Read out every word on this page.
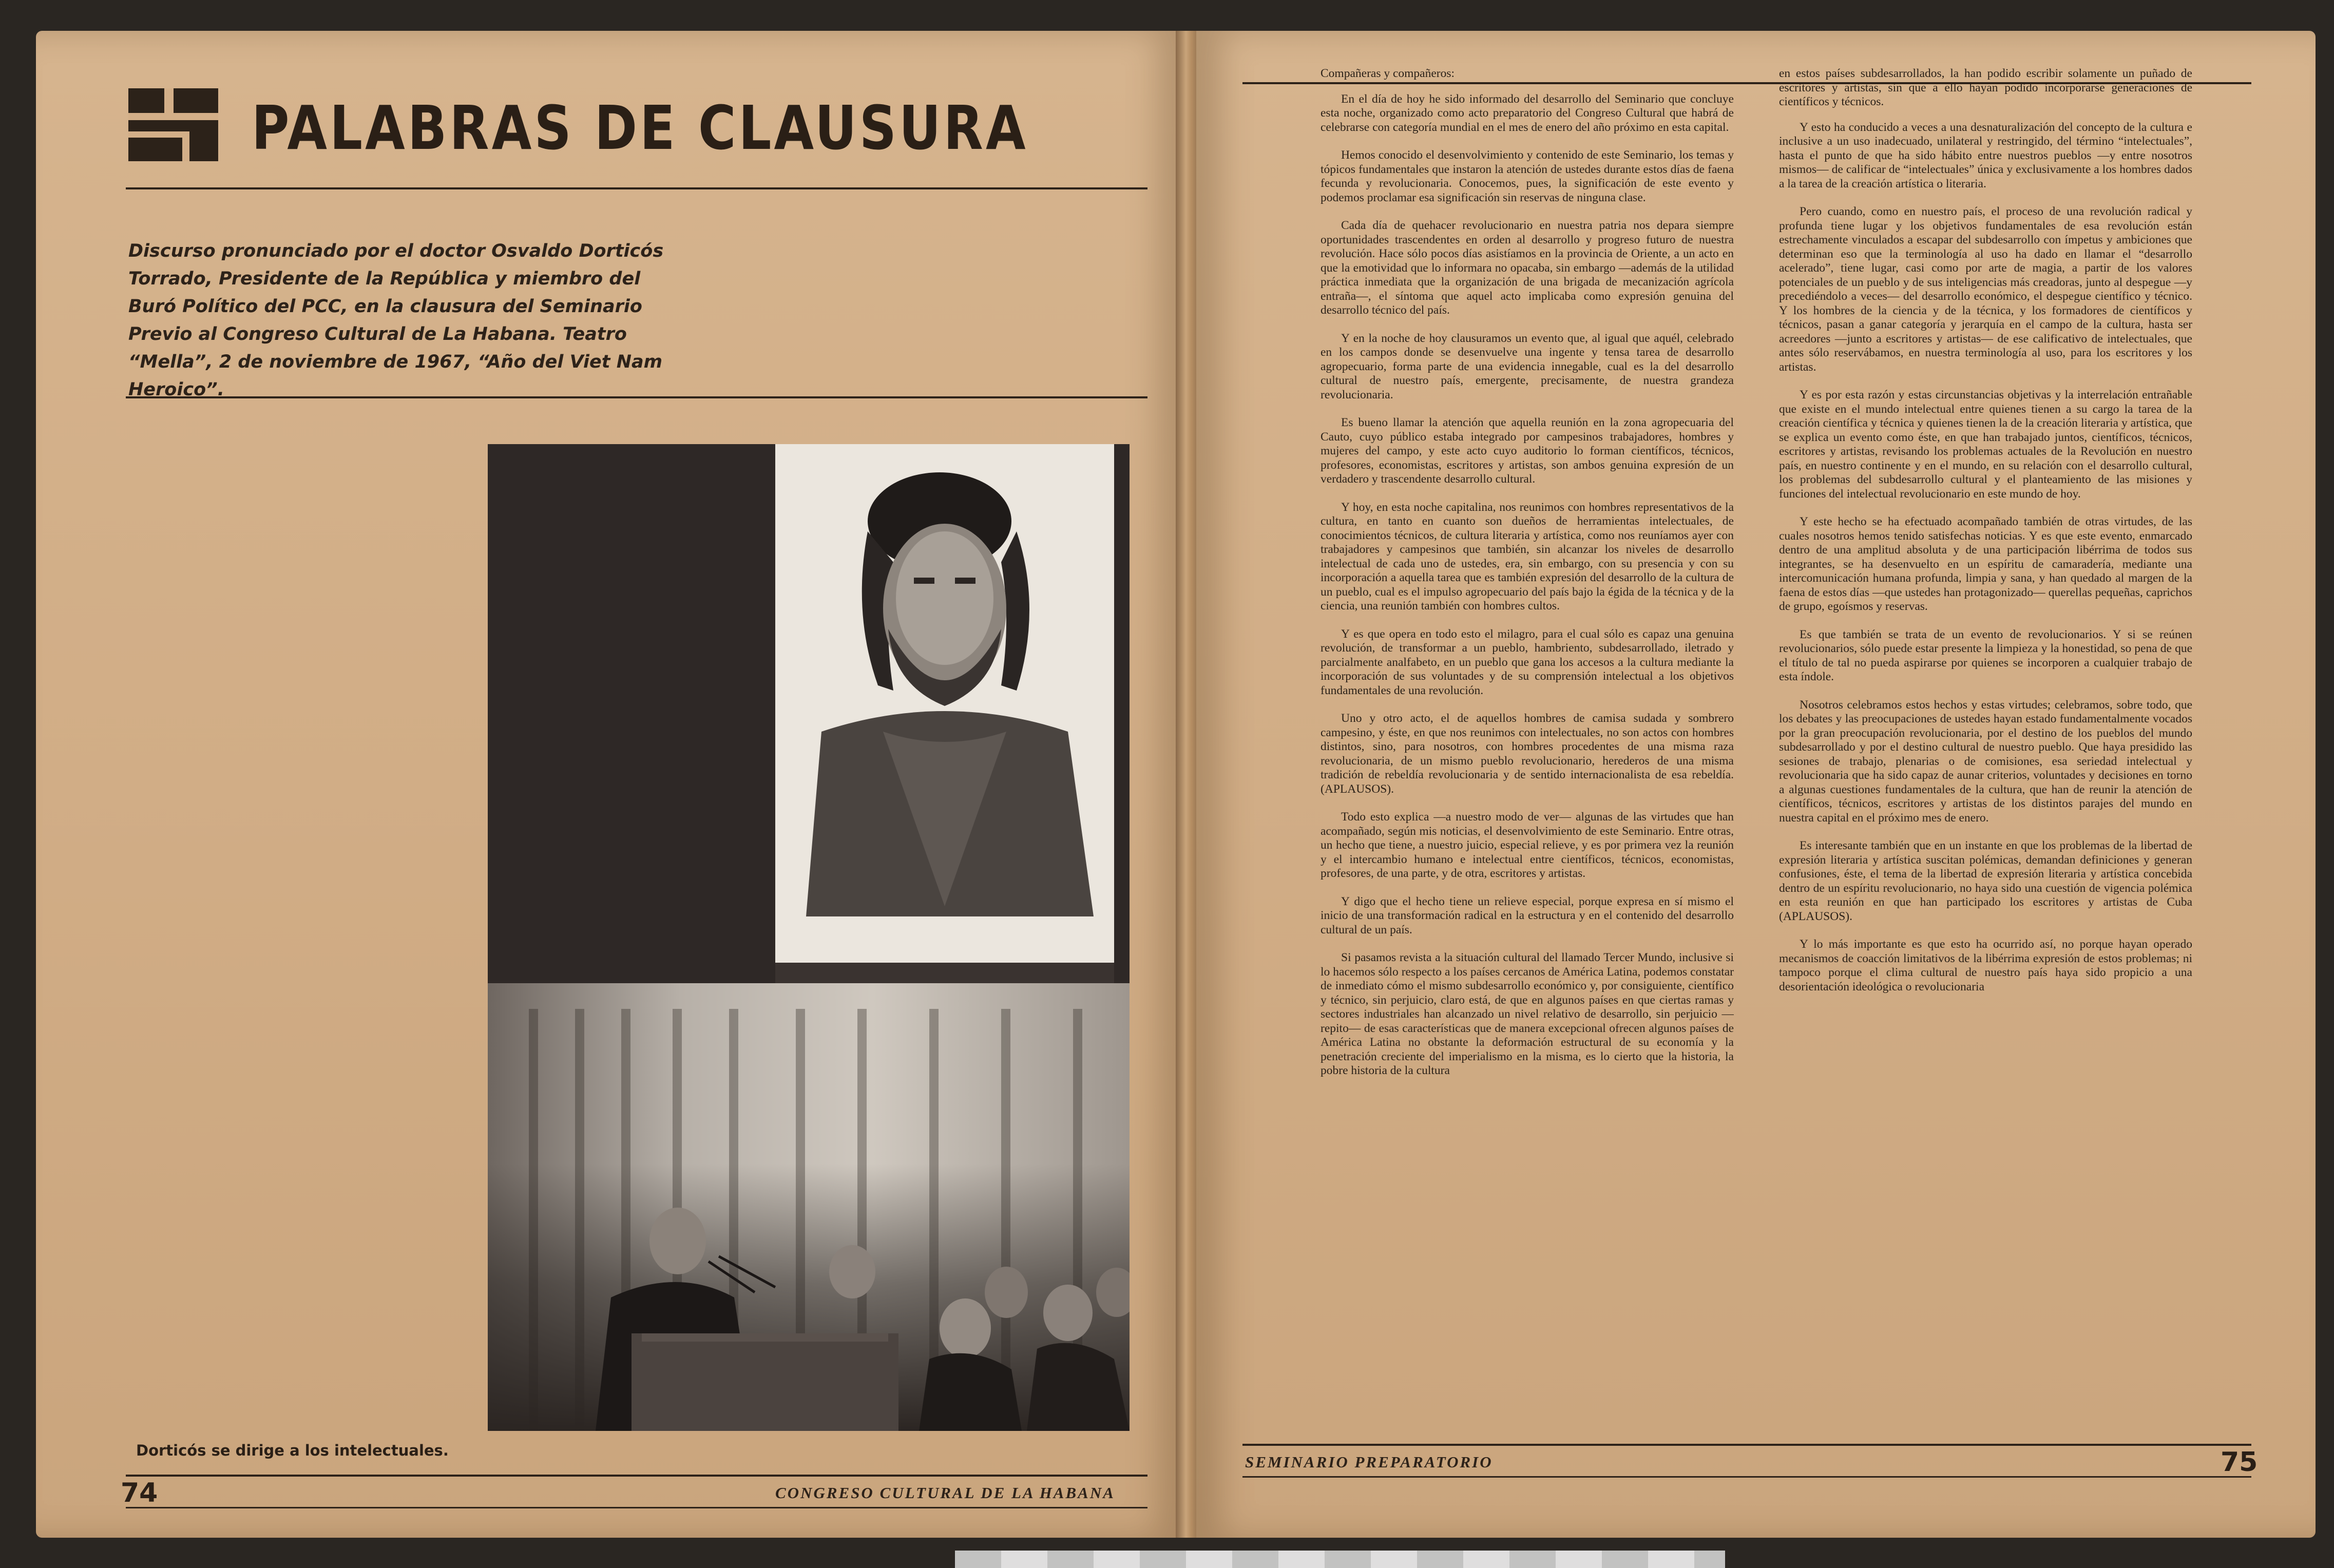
PALABRAS DE CLAUSURA
Discurso pronunciado por el doctor Osvaldo Dorticós Torrado, Presidente de la República y miembro del Buró Político del PCC, en la clausura del Seminario Previo al Congreso Cultural de La Habana. Teatro “Mella”, 2 de noviembre de 1967, “Año del Viet Nam Heroico”.
Dorticós se dirige a los intelectuales.
74	CONGRESO CULTURAL DE LA HABANA

Compañeras y compañeros:

En el día de hoy he sido informado del desarrollo del Seminario que concluye esta noche, organizado como acto preparatorio del Congreso Cultural que habrá de celebrarse con categoría mundial en el mes de enero del año próximo en esta capital.

Hemos conocido el desenvolvimiento y contenido de este Seminario, los temas y tópicos fundamentales que instaron la atención de ustedes durante estos días de faena fecunda y revolucionaria. Conocemos, pues, la significación de este evento y podemos proclamar esa significación sin reservas de ninguna clase.

Cada día de quehacer revolucionario en nuestra patria nos depara siempre oportunidades trascendentes en orden al desarrollo y progreso futuro de nuestra revolución. Hace sólo pocos días asistíamos en la provincia de Oriente, a un acto en que la emotividad que lo informara no opacaba, sin embargo —además de la utilidad práctica inmediata que la organización de una brigada de mecanización agrícola entraña—, el síntoma que aquel acto implicaba como expresión genuina del desarrollo técnico del país.

Y en la noche de hoy clausuramos un evento que, al igual que aquél, celebrado en los campos donde se desenvuelve una ingente y tensa tarea de desarrollo agropecuario, forma parte de una evidencia innegable, cual es la del desarrollo cultural de nuestro país, emergente, precisamente, de nuestra grandeza revolucionaria.

Es bueno llamar la atención que aquella reunión en la zona agropecuaria del Cauto, cuyo público estaba integrado por campesinos trabajadores, hombres y mujeres del campo, y este acto cuyo auditorio lo forman científicos, técnicos, profesores, economistas, escritores y artistas, son ambos genuina expresión de un verdadero y trascendente desarrollo cultural.

Y hoy, en esta noche capitalina, nos reunimos con hombres representativos de la cultura, en tanto en cuanto son dueños de herramientas intelectuales, de conocimientos técnicos, de cultura literaria y artística, como nos reuníamos ayer con trabajadores y campesinos que también, sin alcanzar los niveles de desarrollo intelectual de cada uno de ustedes, era, sin embargo, con su presencia y con su incorporación a aquella tarea que es también expresión del desarrollo de la cultura de un pueblo, cual es el impulso agropecuario del país bajo la égida de la técnica y de la ciencia, una reunión también con hombres cultos.

Y es que opera en todo esto el milagro, para el cual sólo es capaz una genuina revolución, de transformar a un pueblo, hambriento, subdesarrollado, iletrado y parcialmente analfabeto, en un pueblo que gana los accesos a la cultura mediante la incorporación de sus voluntades y de su comprensión intelectual a los objetivos fundamentales de una revolución.

Uno y otro acto, el de aquellos hombres de camisa sudada y sombrero campesino, y éste, en que nos reunimos con intelectuales, no son actos con hombres distintos, sino, para nosotros, con hombres procedentes de una misma raza revolucionaria, de un mismo pueblo revolucionario, herederos de una misma tradición de rebeldía revolucionaria y de sentido internacionalista de esa rebeldía. (APLAUSOS).

Todo esto explica —a nuestro modo de ver— algunas de las virtudes que han acompañado, según mis noticias, el desenvolvimiento de este Seminario. Entre otras, un hecho que tiene, a nuestro juicio, especial relieve, y es por primera vez la reunión y el intercambio humano e intelectual entre científicos, técnicos, economistas, profesores, de una parte, y de otra, escritores y artistas.

Y digo que el hecho tiene un relieve especial, porque expresa en sí mismo el inicio de una transformación radical en la estructura y en el contenido del desarrollo cultural de un país.

Si pasamos revista a la situación cultural del llamado Tercer Mundo, inclusive si lo hacemos sólo respecto a los países cercanos de América Latina, podemos constatar de inmediato cómo el mismo subdesarrollo económico y, por consiguiente, científico y técnico, sin perjuicio, claro está, de que en algunos países en que ciertas ramas y sectores industriales han alcanzado un nivel relativo de desarrollo, sin perjuicio —repito— de esas características que de manera excepcional ofrecen algunos países de América Latina no obstante la deformación estructural de su economía y la penetración creciente del imperialismo en la misma, es lo cierto que la historia, la pobre historia de la cultura

en estos países subdesarrollados, la han podido escribir solamente un puñado de escritores y artistas, sin que a ello hayan podido incorporarse generaciones de científicos y técnicos.

Y esto ha conducido a veces a una desnaturalización del concepto de la cultura e inclusive a un uso inadecuado, unilateral y restringido, del término “intelectuales”, hasta el punto de que ha sido hábito entre nuestros pueblos —y entre nosotros mismos— de calificar de “intelectuales” única y exclusivamente a los hombres dados a la tarea de la creación artística o literaria.

Pero cuando, como en nuestro país, el proceso de una revolución radical y profunda tiene lugar y los objetivos fundamentales de esa revolución están estrechamente vinculados a escapar del subdesarrollo con ímpetus y ambiciones que determinan eso que la terminología al uso ha dado en llamar el “desarrollo acelerado”, tiene lugar, casi como por arte de magia, a partir de los valores potenciales de un pueblo y de sus inteligencias más creadoras, junto al despegue —y precediéndolo a veces— del desarrollo económico, el despegue científico y técnico. Y los hombres de la ciencia y de la técnica, y los formadores de científicos y técnicos, pasan a ganar categoría y jerarquía en el campo de la cultura, hasta ser acreedores —junto a escritores y artistas— de ese calificativo de intelectuales, que antes sólo reservábamos, en nuestra terminología al uso, para los escritores y los artistas.

Y es por esta razón y estas circunstancias objetivas y la interrelación entrañable que existe en el mundo intelectual entre quienes tienen a su cargo la tarea de la creación científica y técnica y quienes tienen la de la creación literaria y artística, que se explica un evento como éste, en que han trabajado juntos, científicos, técnicos, escritores y artistas, revisando los problemas actuales de la Revolución en nuestro país, en nuestro continente y en el mundo, en su relación con el desarrollo cultural, los problemas del subdesarrollo cultural y el planteamiento de las misiones y funciones del intelectual revolucionario en este mundo de hoy.

Y este hecho se ha efectuado acompañado también de otras virtudes, de las cuales nosotros hemos tenido satisfechas noticias. Y es que este evento, enmarcado dentro de una amplitud absoluta y de una participación libérrima de todos sus integrantes, se ha desenvuelto en un espíritu de camaradería, mediante una intercomunicación humana profunda, limpia y sana, y han quedado al margen de la faena de estos días —que ustedes han protagonizado— querellas pequeñas, caprichos de grupo, egoísmos y reservas.

Es que también se trata de un evento de revolucionarios. Y si se reúnen revolucionarios, sólo puede estar presente la limpieza y la honestidad, so pena de que el título de tal no pueda aspirarse por quienes se incorporen a cualquier trabajo de esta índole.

Nosotros celebramos estos hechos y estas virtudes; celebramos, sobre todo, que los debates y las preocupaciones de ustedes hayan estado fundamentalmente vocados por la gran preocupación revolucionaria, por el destino de los pueblos del mundo subdesarrollado y por el destino cultural de nuestro pueblo. Que haya presidido las sesiones de trabajo, plenarias o de comisiones, esa seriedad intelectual y revolucionaria que ha sido capaz de aunar criterios, voluntades y decisiones en torno a algunas cuestiones fundamentales de la cultura, que han de reunir la atención de científicos, técnicos, escritores y artistas de los distintos parajes del mundo en nuestra capital en el próximo mes de enero.

Es interesante también que en un instante en que los problemas de la libertad de expresión literaria y artística suscitan polémicas, demandan definiciones y generan confusiones, éste, el tema de la libertad de expresión literaria y artística concebida dentro de un espíritu revolucionario, no haya sido una cuestión de vigencia polémica en esta reunión en que han participado los escritores y artistas de Cuba (APLAUSOS).

Y lo más importante es que esto ha ocurrido así, no porque hayan operado mecanismos de coacción limitativos de la libérrima expresión de estos problemas; ni tampoco porque el clima cultural de nuestro país haya sido propicio a una desorientación ideológica o revolucionaria

SEMINARIO PREPARATORIO	75
